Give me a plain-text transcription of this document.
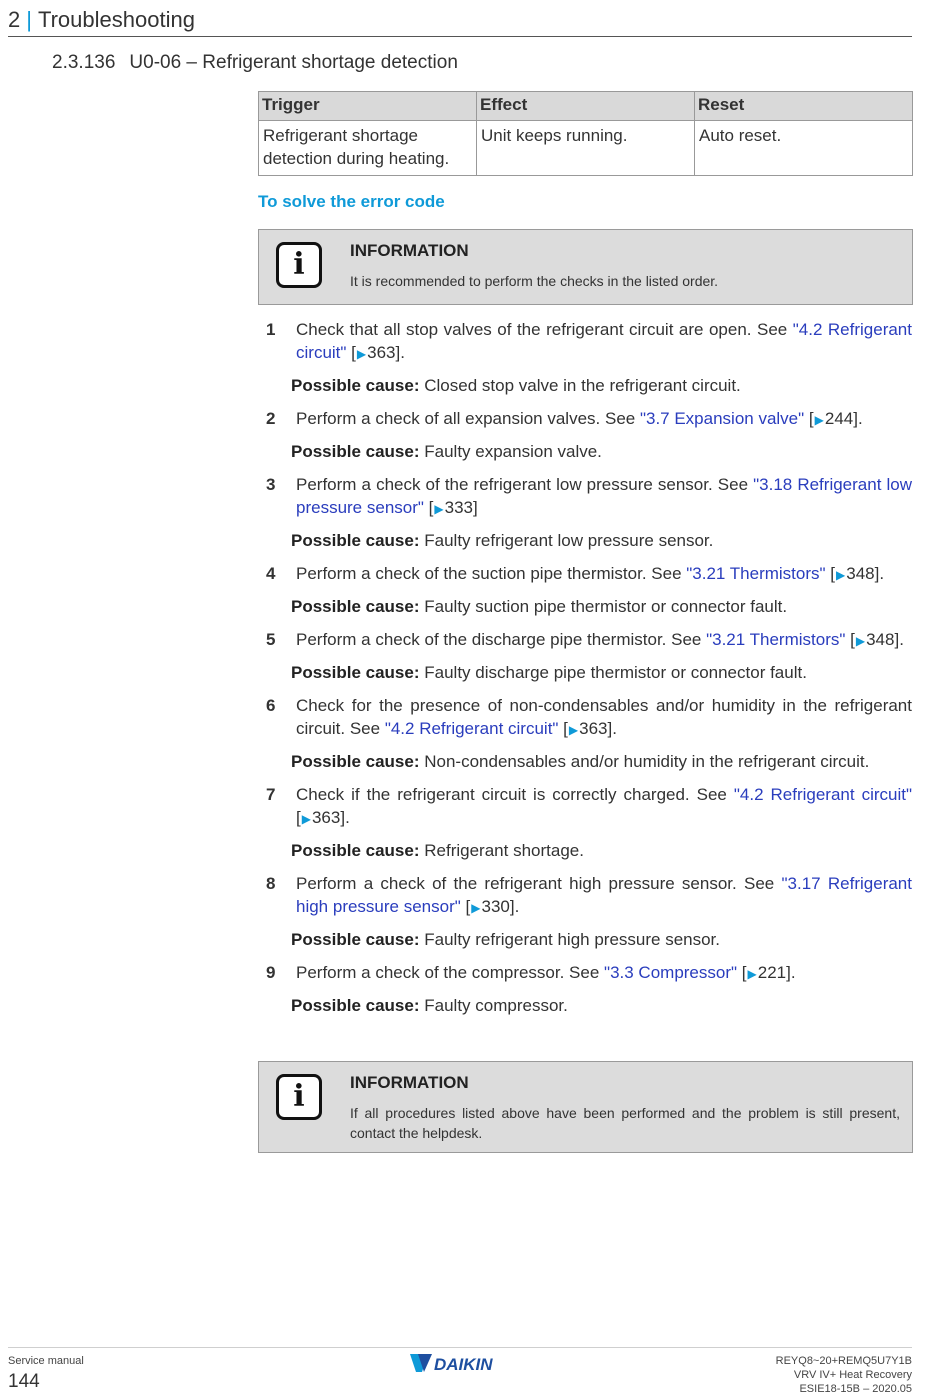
2 | Troubleshooting
2.3.136 U0-06 – Refrigerant shortage detection
Trigger	Effect	Reset
Refrigerant shortage detection during heating.	Unit keeps running.	Auto reset.
To solve the error code
i	INFORMATION
It is recommended to perform the checks in the listed order.
1 Check that all stop valves of the refrigerant circuit are open. See "4.2 Refrigerant circuit" [▶363].
Possible cause: Closed stop valve in the refrigerant circuit.
2 Perform a check of all expansion valves. See "3.7 Expansion valve" [▶244].
Possible cause: Faulty expansion valve.
3 Perform a check of the refrigerant low pressure sensor. See "3.18 Refrigerant low pressure sensor" [▶333]
Possible cause: Faulty refrigerant low pressure sensor.
4 Perform a check of the suction pipe thermistor. See "3.21 Thermistors" [▶348].
Possible cause: Faulty suction pipe thermistor or connector fault.
5 Perform a check of the discharge pipe thermistor. See "3.21 Thermistors" [▶348].
Possible cause: Faulty discharge pipe thermistor or connector fault.
6 Check for the presence of non-condensables and/or humidity in the refrigerant circuit. See "4.2 Refrigerant circuit" [▶363].
Possible cause: Non-condensables and/or humidity in the refrigerant circuit.
7 Check if the refrigerant circuit is correctly charged. See "4.2 Refrigerant circuit" [▶363].
Possible cause: Refrigerant shortage.
8 Perform a check of the refrigerant high pressure sensor. See "3.17 Refrigerant high pressure sensor" [▶330].
Possible cause: Faulty refrigerant high pressure sensor.
9 Perform a check of the compressor. See "3.3 Compressor" [▶221].
Possible cause: Faulty compressor.
i	INFORMATION
If all procedures listed above have been performed and the problem is still present, contact the helpdesk.
Service manual
144
DAIKIN	REYQ8~20+REMQ5U7Y1B
VRV IV+ Heat Recovery
ESIE18-15B – 2020.05
